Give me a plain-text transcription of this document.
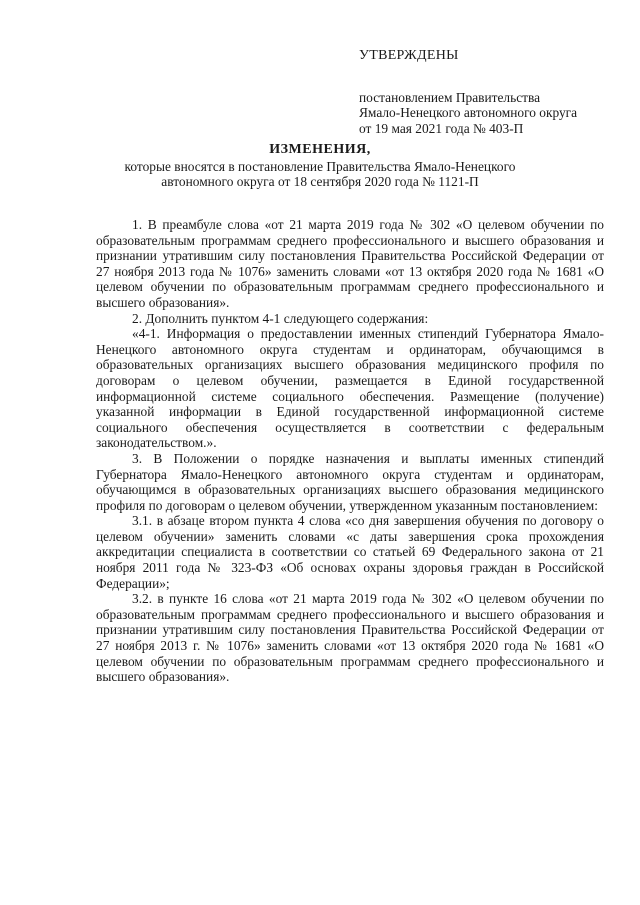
УТВЕРЖДЕНЫ
постановлением Правительства
Ямало-Ненецкого автономного округа
от 19 мая 2021 года № 403-П
ИЗМЕНЕНИЯ,
которые вносятся в постановление Правительства Ямало-Ненецкого
автономного округа от 18 сентября 2020 года № 1121-П

1. В преамбуле слова «от 21 марта 2019 года № 302 «О целевом обучении по образовательным программам среднего профессионального и высшего образования и признании утратившим силу постановления Правительства Российской Федерации от 27 ноября 2013 года № 1076» заменить словами «от 13 октября 2020 года № 1681 «О целевом обучении по образовательным программам среднего профессионального и высшего образования».

2. Дополнить пунктом 4-1 следующего содержания:

«4-1. Информация о предоставлении именных стипендий Губернатора Ямало-Ненецкого автономного округа студентам и ординаторам, обучающимся в образовательных организациях высшего образования медицинского профиля по договорам о целевом обучении, размещается в Единой государственной информационной системе социального обеспечения. Размещение (получение) указанной информации в Единой государственной информационной системе социального обеспечения осуществляется в соответствии с федеральным законодательством.».

3. В Положении о порядке назначения и выплаты именных стипендий Губернатора Ямало-Ненецкого автономного округа студентам и ординаторам, обучающимся в образовательных организациях высшего образования медицинского профиля по договорам о целевом обучении, утвержденном указанным постановлением:

3.1. в абзаце втором пункта 4 слова «со дня завершения обучения по договору о целевом обучении» заменить словами «с даты завершения срока прохождения аккредитации специалиста в соответствии со статьей 69 Федерального закона от 21 ноября 2011 года № 323-ФЗ «Об основах охраны здоровья граждан в Российской Федерации»;

3.2. в пункте 16 слова «от 21 марта 2019 года № 302 «О целевом обучении по образовательным программам среднего профессионального и высшего образования и признании утратившим силу постановления Правительства Российской Федерации от 27 ноября 2013 г. № 1076» заменить словами «от 13 октября 2020 года № 1681 «О целевом обучении по образовательным программам среднего профессионального и высшего образования».
